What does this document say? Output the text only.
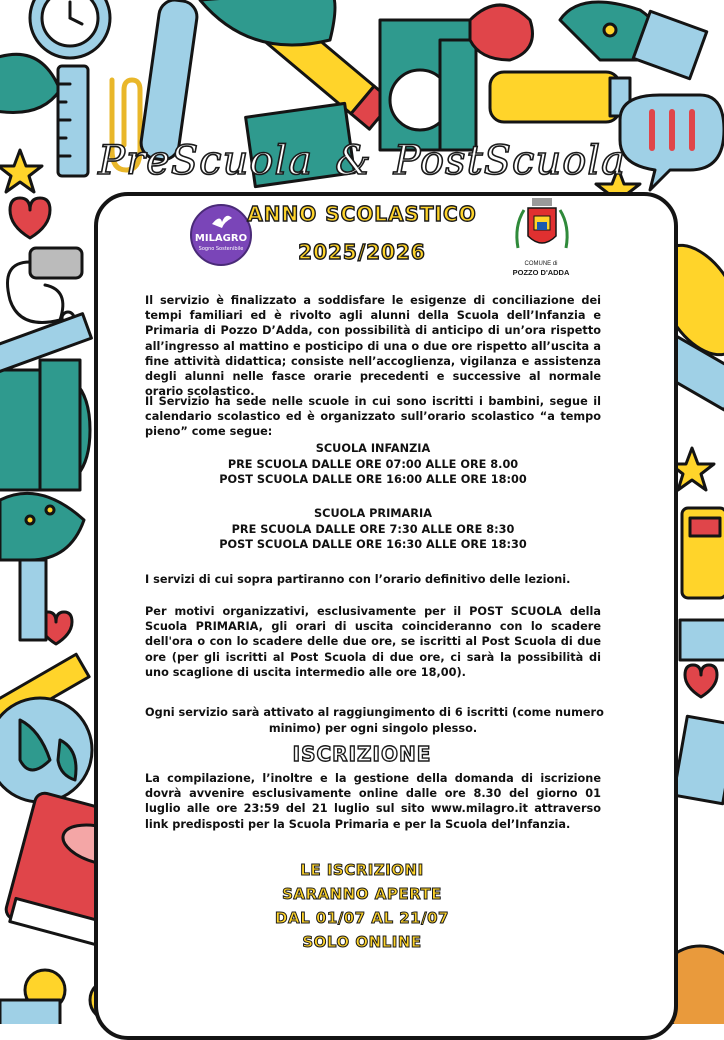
PreScuola & PostScuola
MILAGRO
Sogno Sostenibile
COMUNE di
POZZO D'ADDA
ANNO SCOLASTICO
2025/2026

Il servizio è finalizzato a soddisfare le esigenze di conciliazione dei tempi familiari ed è rivolto agli alunni della Scuola dell’Infanzia e Primaria di Pozzo D’Adda, con possibilità di anticipo di un’ora rispetto all’ingresso al mattino e posticipo di una o due ore rispetto all’uscita a fine attività didattica; consiste nell’accoglienza, vigilanza e assistenza degli alunni nelle fasce orarie precedenti e successive al normale orario scolastico.

Il Servizio ha sede nelle scuole in cui sono iscritti i bambini, segue il calendario scolastico ed è organizzato sull’orario scolastico “a tempo pieno” come segue:

SCUOLA INFANZIA
PRE SCUOLA DALLE ORE 07:00 ALLE ORE 8.00
POST SCUOLA DALLE ORE 16:00 ALLE ORE 18:00
SCUOLA PRIMARIA
PRE SCUOLA DALLE ORE 7:30 ALLE ORE 8:30
POST SCUOLA DALLE ORE 16:30 ALLE ORE 18:30

I servizi di cui sopra partiranno con l’orario definitivo delle lezioni.

Per motivi organizzativi, esclusivamente per il POST SCUOLA della Scuola PRIMARIA, gli orari di uscita coincideranno con lo scadere dell'ora o con lo scadere delle due ore, se iscritti al Post Scuola di due ore (per gli iscritti al Post Scuola di due ore, ci sarà la possibilità di uno scaglione di uscita intermedio alle ore 18,00).

Ogni servizio sarà attivato al raggiungimento di 6 iscritti (come numero
minimo) per ogni singolo plesso.
ISCRIZIONE

La compilazione, l’inoltre e la gestione della domanda di iscrizione dovrà avvenire esclusivamente online dalle ore 8.30 del giorno 01 luglio alle ore 23:59 del 21 luglio sul sito www.milagro.it attraverso link predisposti per la Scuola Primaria e per la Scuola del’Infanzia.

LE ISCRIZIONI
SARANNO APERTE
DAL 01/07 AL 21/07
SOLO ONLINE
